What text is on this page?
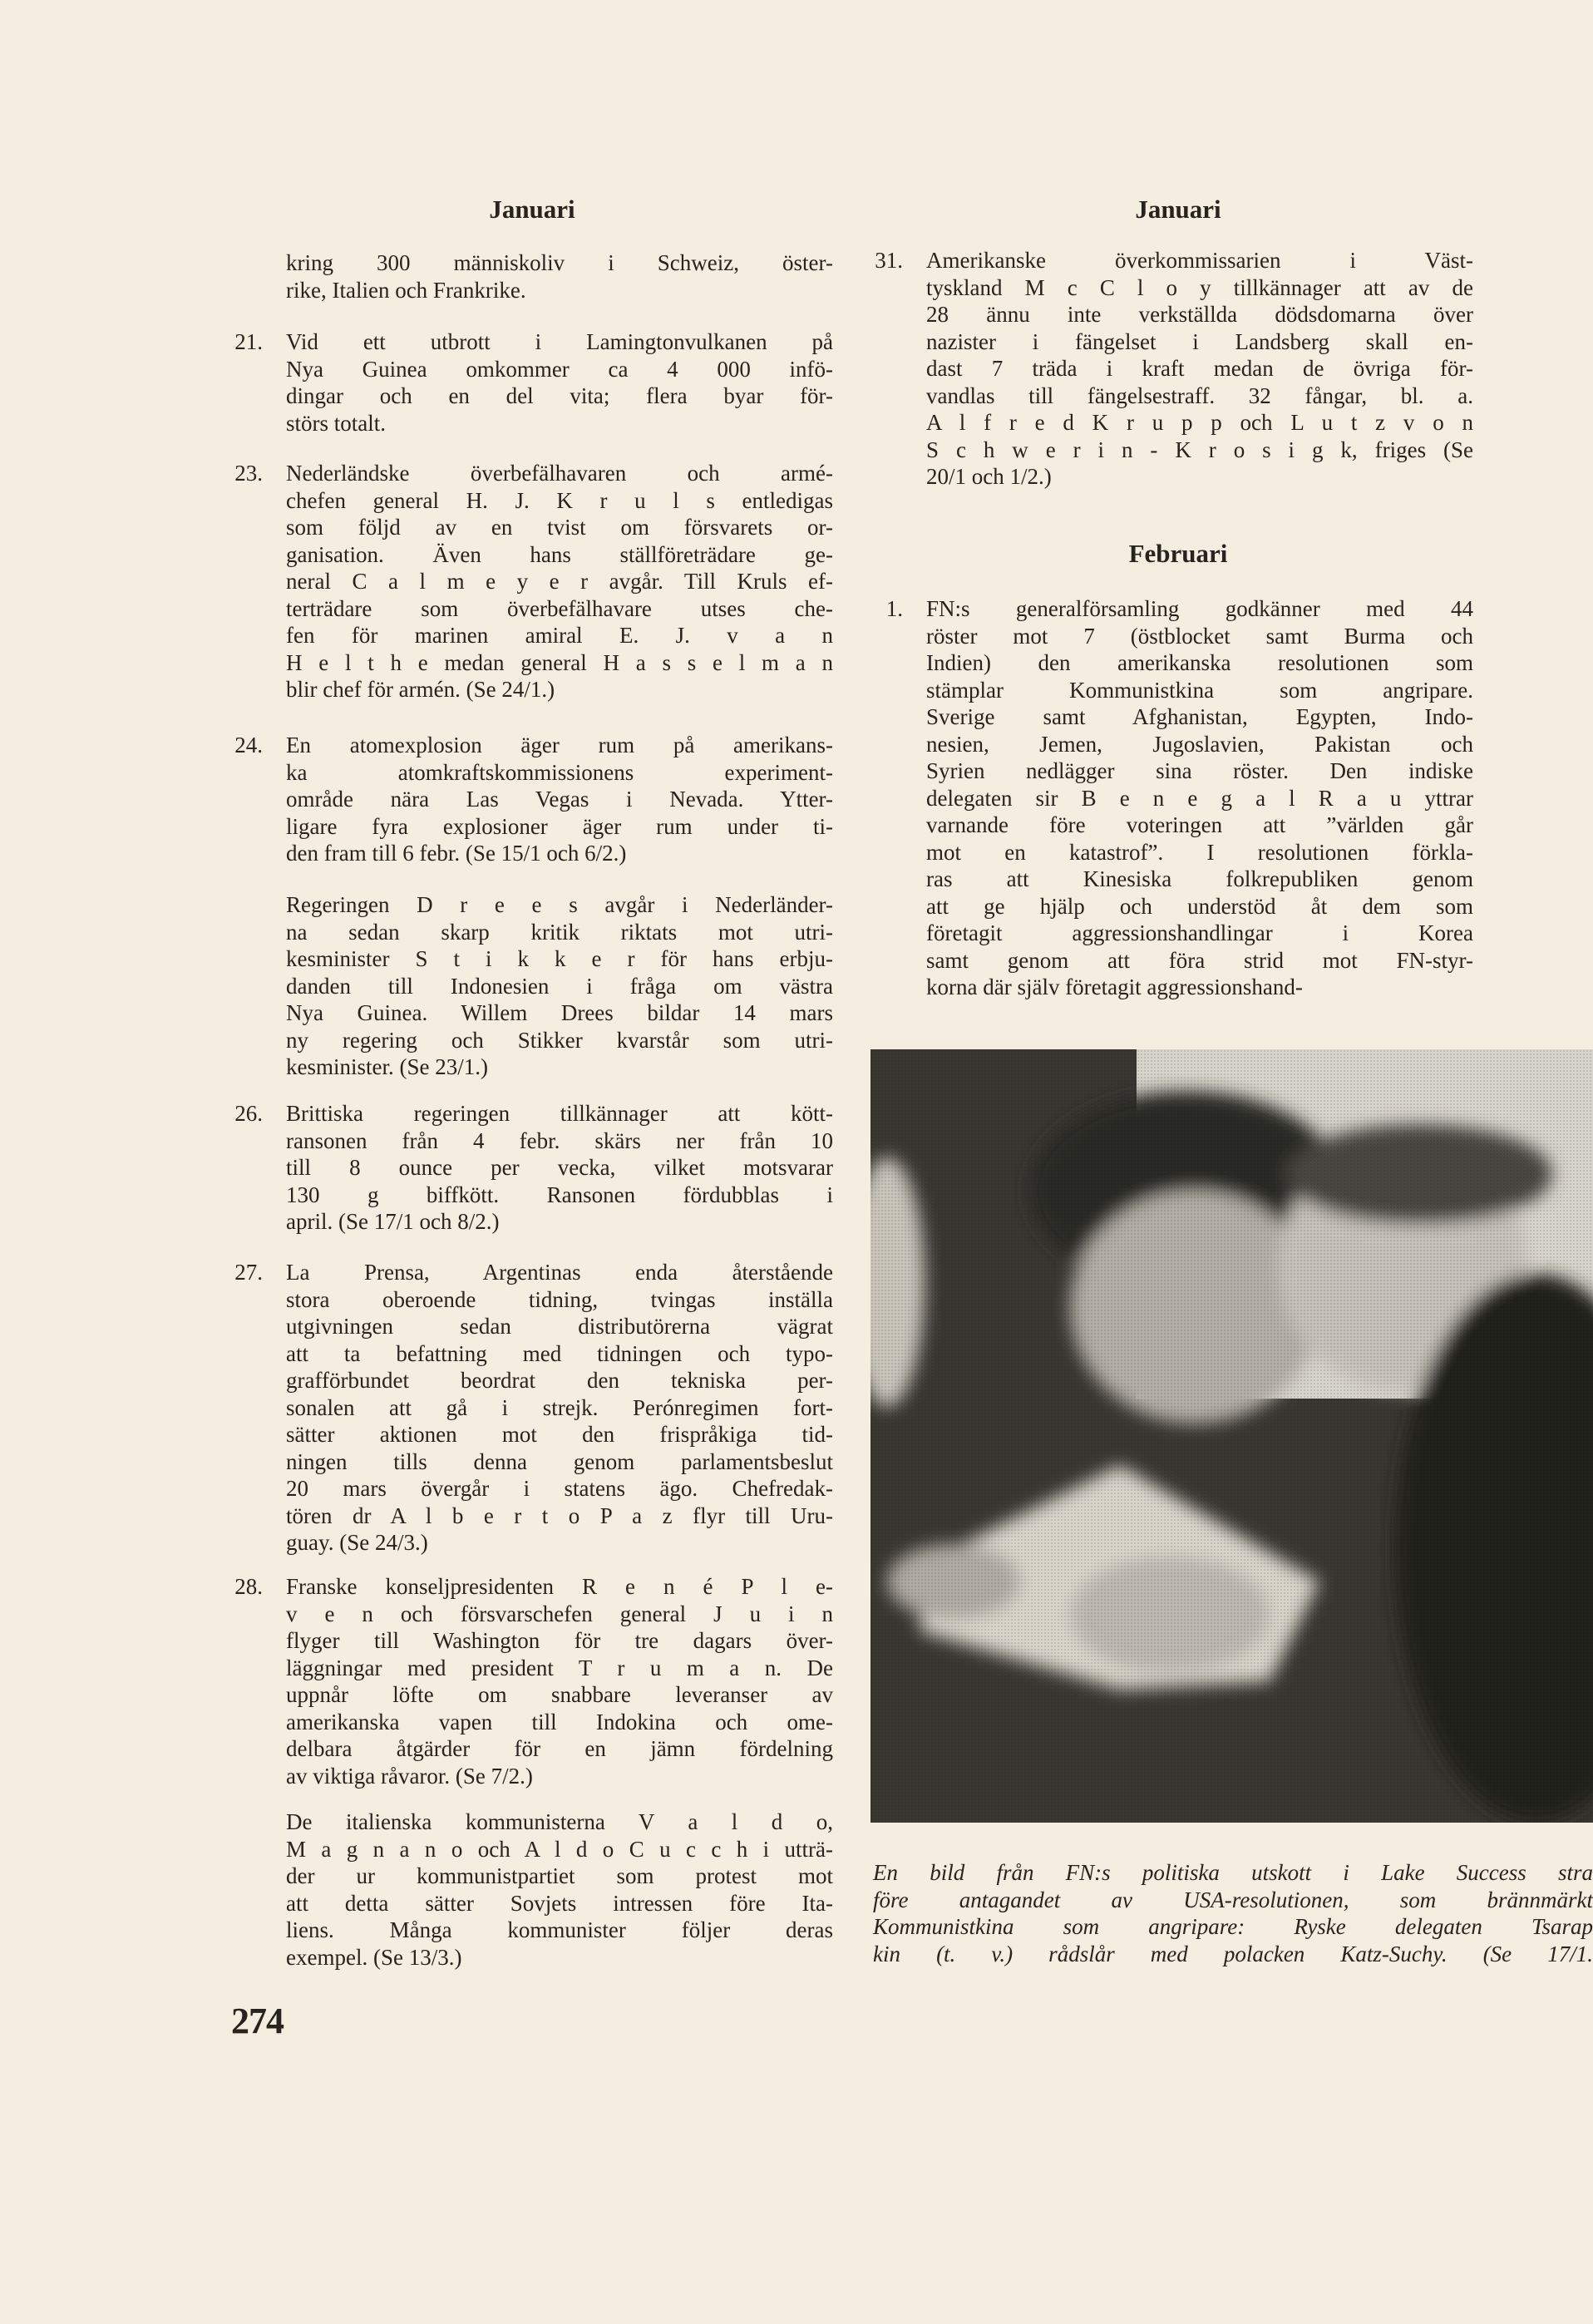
Januari	Januari
Februari
kring 300 människoliv i Schweiz, öster-
rike, Italien och Frankrike.
21. Vid ett utbrott i Lamingtonvulkanen på
Nya Guinea omkommer ca 4 000 infö-
dingar och en del vita; flera byar för-
störs totalt.
23. Nederländske överbefälhavaren och armé-
chefen general H. J. K r u l s entledigas
som följd av en tvist om försvarets or-
ganisation. Även hans ställföreträdare ge-
neral C a l m e y e r avgår. Till Kruls ef-
terträdare som överbefälhavare utses che-
fen för marinen amiral E. J. v a n
H e l t h e medan general H a s s e l m a n
blir chef för armén. (Se 24/1.)
24. En atomexplosion äger rum på amerikans-
ka atomkraftskommissionens experiment-
område nära Las Vegas i Nevada. Ytter-
ligare fyra explosioner äger rum under ti-
den fram till 6 febr. (Se 15/1 och 6/2.)
Regeringen D r e e s avgår i Nederländer-
na sedan skarp kritik riktats mot utri-
kesminister S t i k k e r för hans erbju-
danden till Indonesien i fråga om västra
Nya Guinea. Willem Drees bildar 14 mars
ny regering och Stikker kvarstår som utri-
kesminister. (Se 23/1.)
26. Brittiska regeringen tillkännager att kött-
ransonen från 4 febr. skärs ner från 10
till 8 ounce per vecka, vilket motsvarar
130 g biffkött. Ransonen fördubblas i
april. (Se 17/1 och 8/2.)
27. La Prensa, Argentinas enda återstående
stora oberoende tidning, tvingas inställa
utgivningen sedan distributörerna vägrat
att ta befattning med tidningen och typo-
grafförbundet beordrat den tekniska per-
sonalen att gå i strejk. Perónregimen fort-
sätter aktionen mot den frispråkiga tid-
ningen tills denna genom parlamentsbeslut
20 mars övergår i statens ägo. Chefredak-
tören dr A l b e r t o P a z flyr till Uru-
guay. (Se 24/3.)
28. Franske konseljpresidenten R e n é P l e-
v e n och försvarschefen general J u i n
flyger till Washington för tre dagars över-
läggningar med president T r u m a n. De
uppnår löfte om snabbare leveranser av
amerikanska vapen till Indokina och ome-
delbara åtgärder för en jämn fördelning
av viktiga råvaror. (Se 7/2.)
De italienska kommunisterna V a l d o,
M a g n a n o och A l d o C u c c h i utträ-
der ur kommunistpartiet som protest mot
att detta sätter Sovjets intressen före Ita-
liens. Många kommunister följer deras
exempel. (Se 13/3.)
31. Amerikanske överkommissarien i Väst-
tyskland M c C l o y tillkännager att av de
28 ännu inte verkställda dödsdomarna över
nazister i fängelset i Landsberg skall en-
dast 7 träda i kraft medan de övriga för-
vandlas till fängelsestraff. 32 fångar, bl. a.
A l f r e d K r u p p och L u t z v o n
S c h w e r i n - K r o s i g k, friges (Se
20/1 och 1/2.)
1. FN:s generalförsamling godkänner med 44
röster mot 7 (östblocket samt Burma och
Indien) den amerikanska resolutionen som
stämplar Kommunistkina som angripare.
Sverige samt Afghanistan, Egypten, Indo-
nesien, Jemen, Jugoslavien, Pakistan och
Syrien nedlägger sina röster. Den indiske
delegaten sir B e n e g a l R a u yttrar
varnande före voteringen att ”världen går
mot en katastrof”. I resolutionen förkla-
ras att Kinesiska folkrepubliken genom
att ge hjälp och understöd åt dem som
företagit aggressionshandlingar i Korea
samt genom att föra strid mot FN-styr-
korna där själv företagit aggressionshand-
En bild från FN:s politiska utskott i Lake Success stra
före antagandet av USA-resolutionen, som brännmärkt
Kommunistkina som angripare: Ryske delegaten Tsarap
kin (t. v.) rådslår med polacken Katz-Suchy. (Se 17/1.
274
